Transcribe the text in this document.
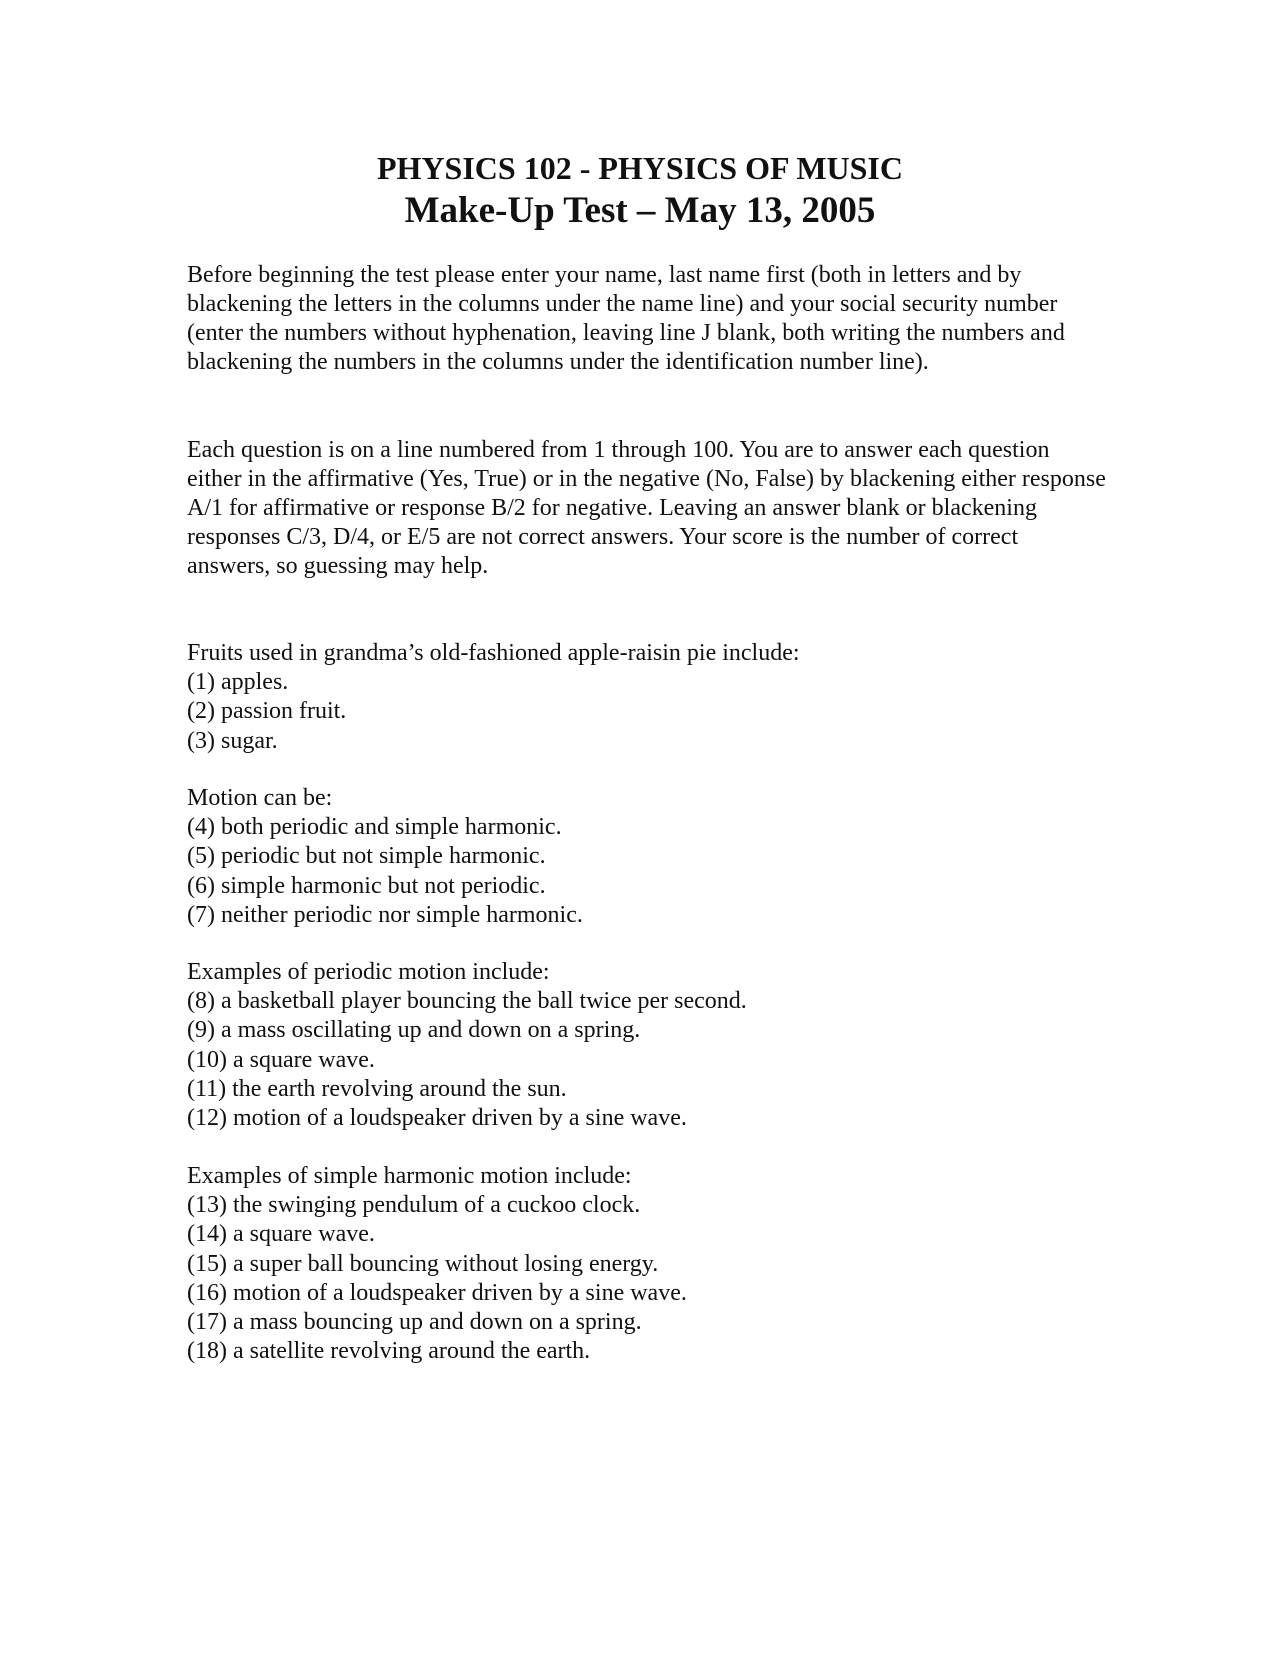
PHYSICS 102 - PHYSICS OF MUSIC
Make-Up Test – May 13, 2005

Before beginning the test please enter your name, last name first (both in letters and by blackening the letters in the columns under the name line) and your social security number (enter the numbers without hyphenation, leaving line J blank, both writing the numbers and blackening the numbers in the columns under the identification number line).

Each question is on a line numbered from 1 through 100. You are to answer each question either in the affirmative (Yes, True) or in the negative (No, False) by blackening either response A/1 for affirmative or response B/2 for negative. Leaving an answer blank or blackening responses C/3, D/4, or E/5 are not correct answers. Your score is the number of correct answers, so guessing may help.

Fruits used in grandma’s old-fashioned apple-raisin pie include:
(1) apples.
(2) passion fruit.
(3) sugar.
Motion can be:
(4) both periodic and simple harmonic.
(5) periodic but not simple harmonic.
(6) simple harmonic but not periodic.
(7) neither periodic nor simple harmonic.
Examples of periodic motion include:
(8) a basketball player bouncing the ball twice per second.
(9) a mass oscillating up and down on a spring.
(10) a square wave.
(11) the earth revolving around the sun.
(12) motion of a loudspeaker driven by a sine wave.
Examples of simple harmonic motion include:
(13) the swinging pendulum of a cuckoo clock.
(14) a square wave.
(15) a super ball bouncing without losing energy.
(16) motion of a loudspeaker driven by a sine wave.
(17) a mass bouncing up and down on a spring.
(18) a satellite revolving around the earth.
